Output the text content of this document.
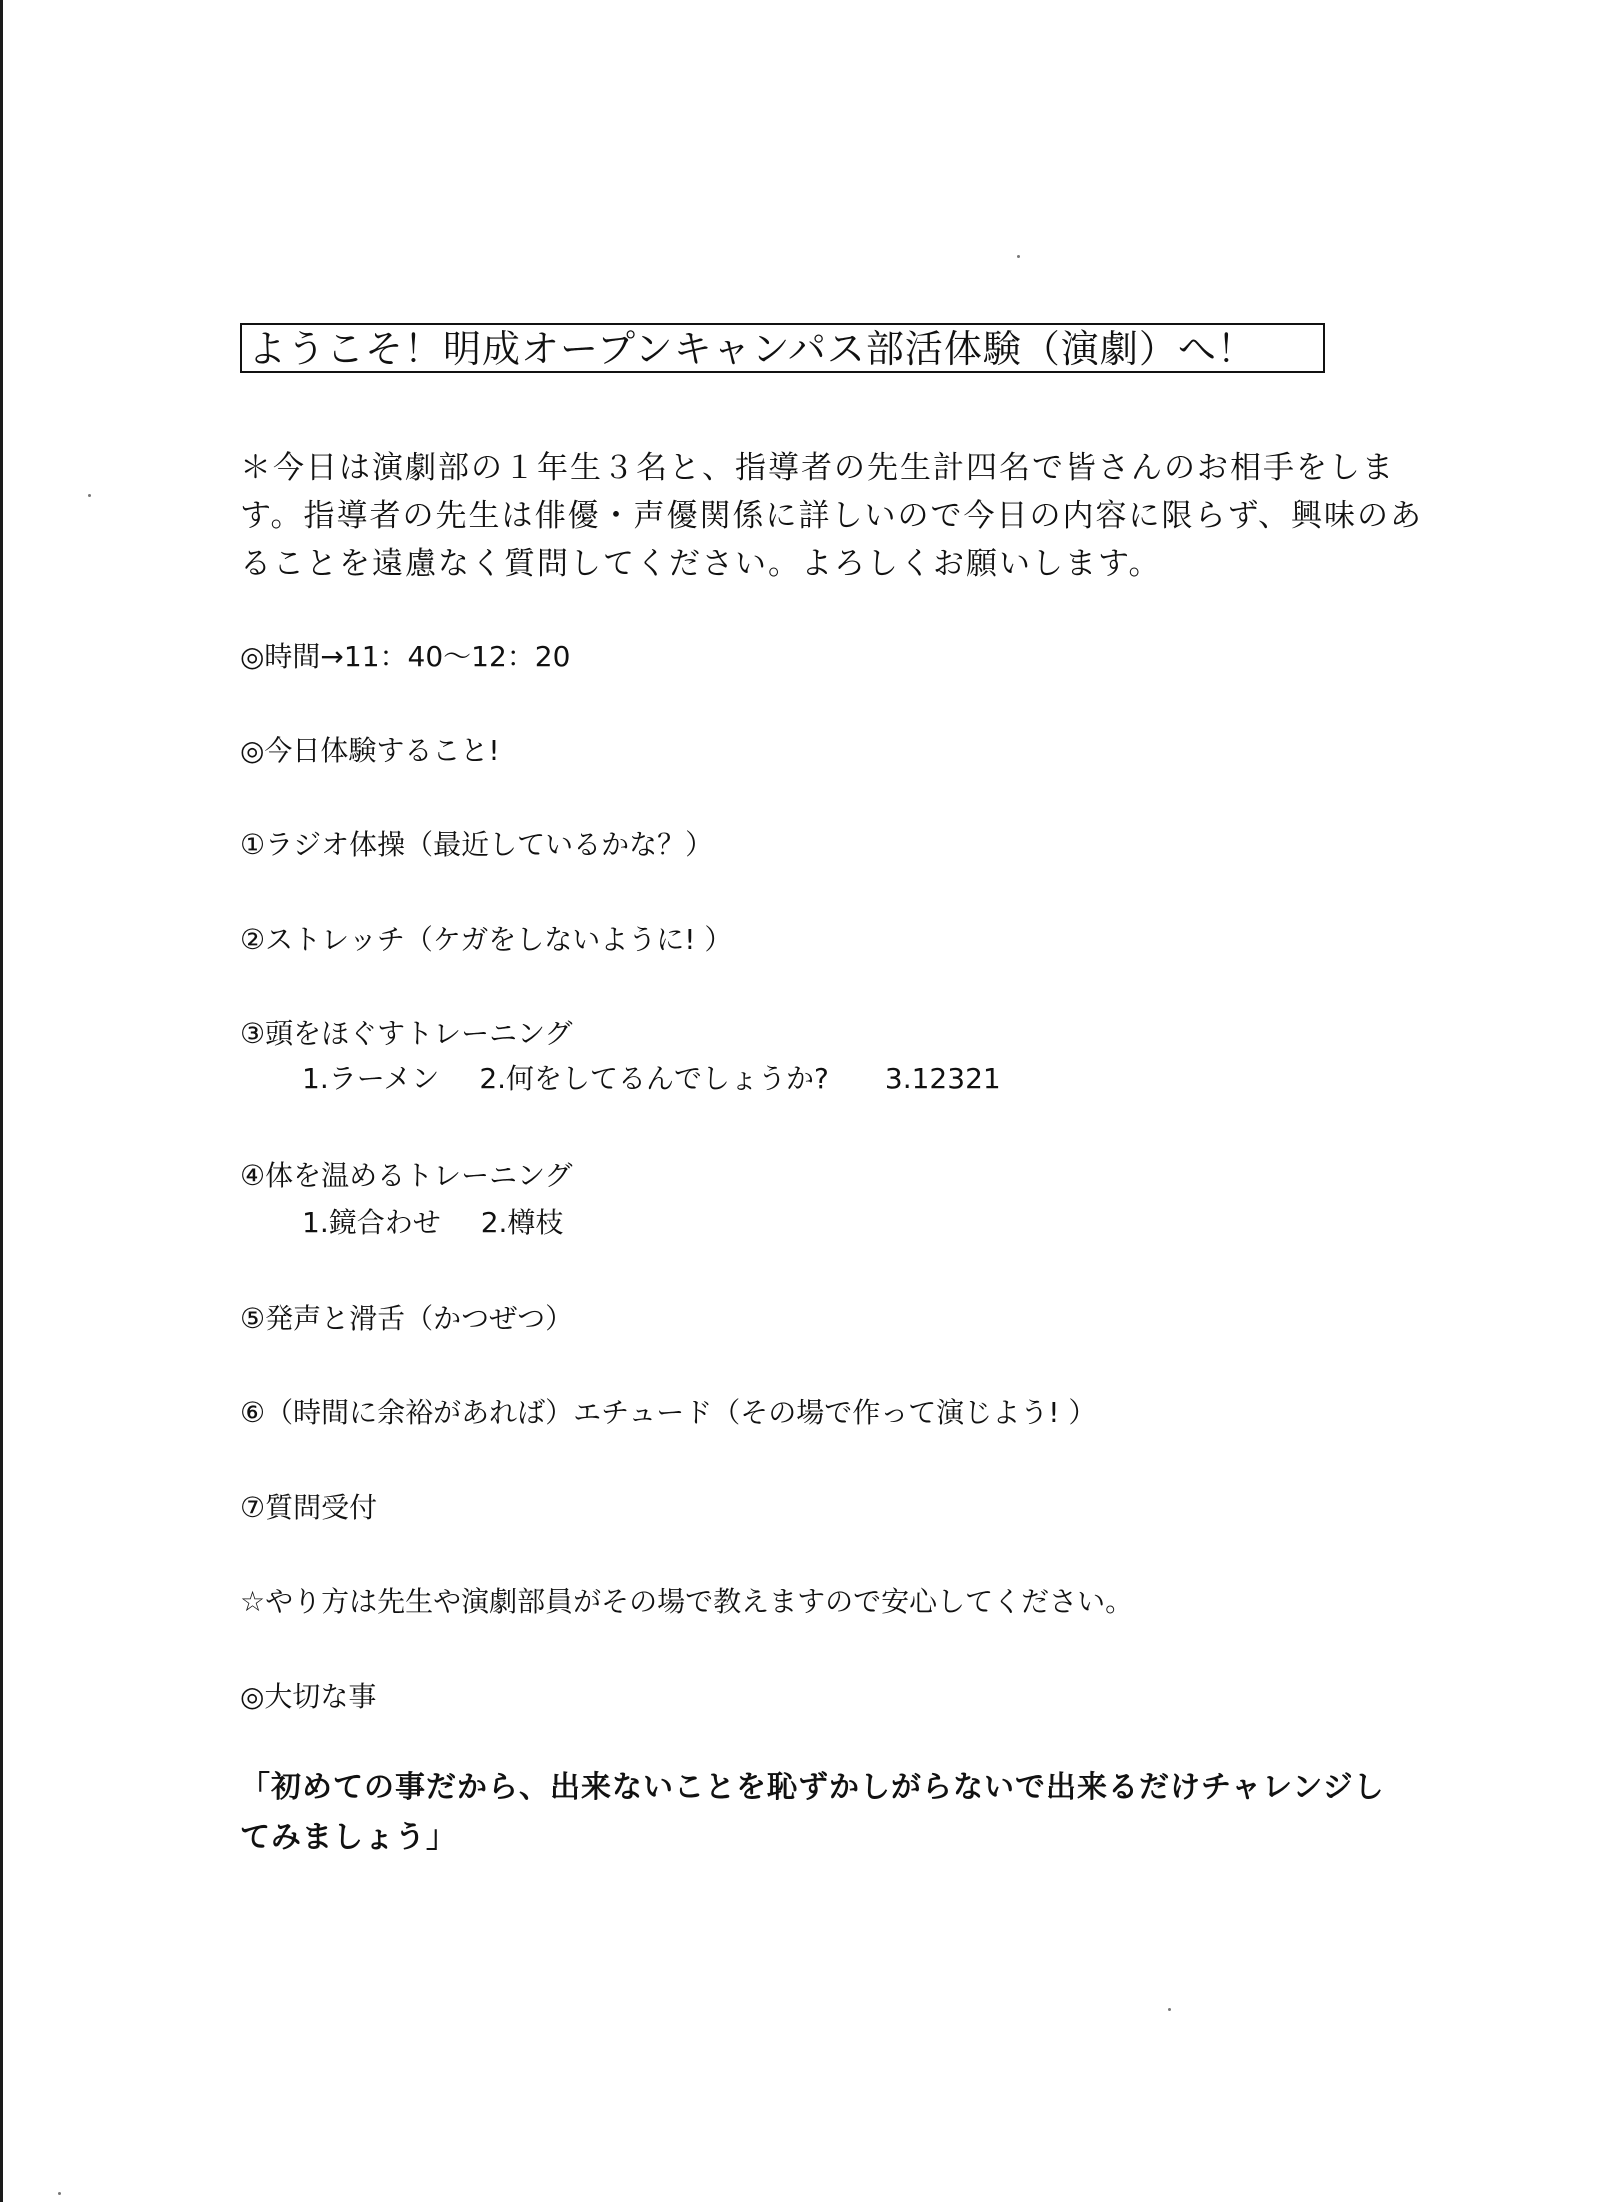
ようこそ！明成オープンキャンパス部活体験（演劇）へ！
＊今日は演劇部の１年生３名と、指導者の先生計四名で皆さんのお相手をしま
す。指導者の先生は俳優・声優関係に詳しいので今日の内容に限らず、興味のあ
ることを遠慮なく質問してください。よろしくお願いします。
◎時間→11：40～12：20
◎今日体験すること!
①ラジオ体操（最近しているかな？）
②ストレッチ（ケガをしないように! ）
③頭をほぐすトレーニング
1.ラーメン 2.何をしてるんでしょうか? 3.12321
④体を温めるトレーニング
1.鏡合わせ 2.樽枝
⑤発声と滑舌（かつぜつ）
⑥（時間に余裕があれば）エチュード（その場で作って演じよう! ）
⑦質問受付
☆やり方は先生や演劇部員がその場で教えますので安心してください。
◎大切な事
「初めての事だから、出来ないことを恥ずかしがらないで出来るだけチャレンジし
てみましょう」
